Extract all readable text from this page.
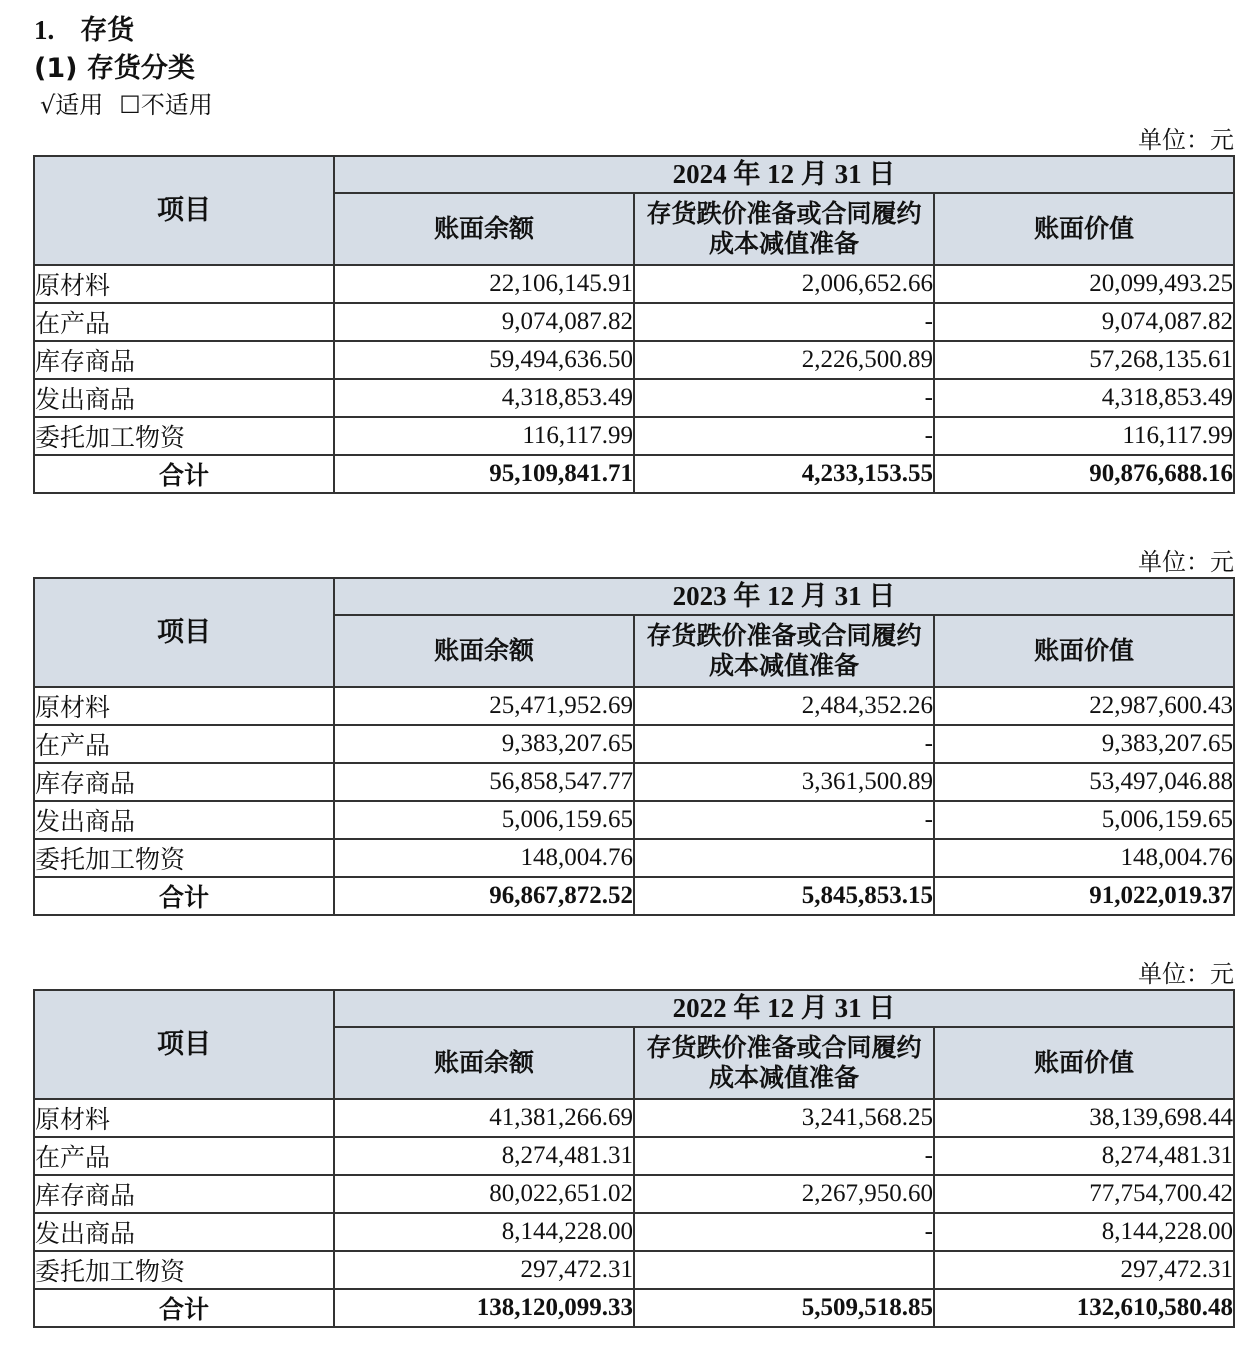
1. 存货
(1) 存货分类
√适用 ☐不适用
单位：元
项目	2024 年 12 月 31 日		
	账面余额	存货跌价准备或合同履约成本减值准备	账面价值
原材料	22,106,145.91	2,006,652.66	20,099,493.25
在产品	9,074,087.82	-	9,074,087.82
库存商品	59,494,636.50	2,226,500.89	57,268,135.61
发出商品	4,318,853.49	-	4,318,853.49
委托加工物资	116,117.99	-	116,117.99
合计	95,109,841.71	4,233,153.55	90,876,688.16
单位：元
项目	2023 年 12 月 31 日		
	账面余额	存货跌价准备或合同履约成本减值准备	账面价值
原材料	25,471,952.69	2,484,352.26	22,987,600.43
在产品	9,383,207.65	-	9,383,207.65
库存商品	56,858,547.77	3,361,500.89	53,497,046.88
发出商品	5,006,159.65	-	5,006,159.65
委托加工物资	148,004.76		148,004.76
合计	96,867,872.52	5,845,853.15	91,022,019.37
单位：元
项目	2022 年 12 月 31 日		
	账面余额	存货跌价准备或合同履约成本减值准备	账面价值
原材料	41,381,266.69	3,241,568.25	38,139,698.44
在产品	8,274,481.31	-	8,274,481.31
库存商品	80,022,651.02	2,267,950.60	77,754,700.42
发出商品	8,144,228.00	-	8,144,228.00
委托加工物资	297,472.31		297,472.31
合计	138,120,099.33	5,509,518.85	132,610,580.48
